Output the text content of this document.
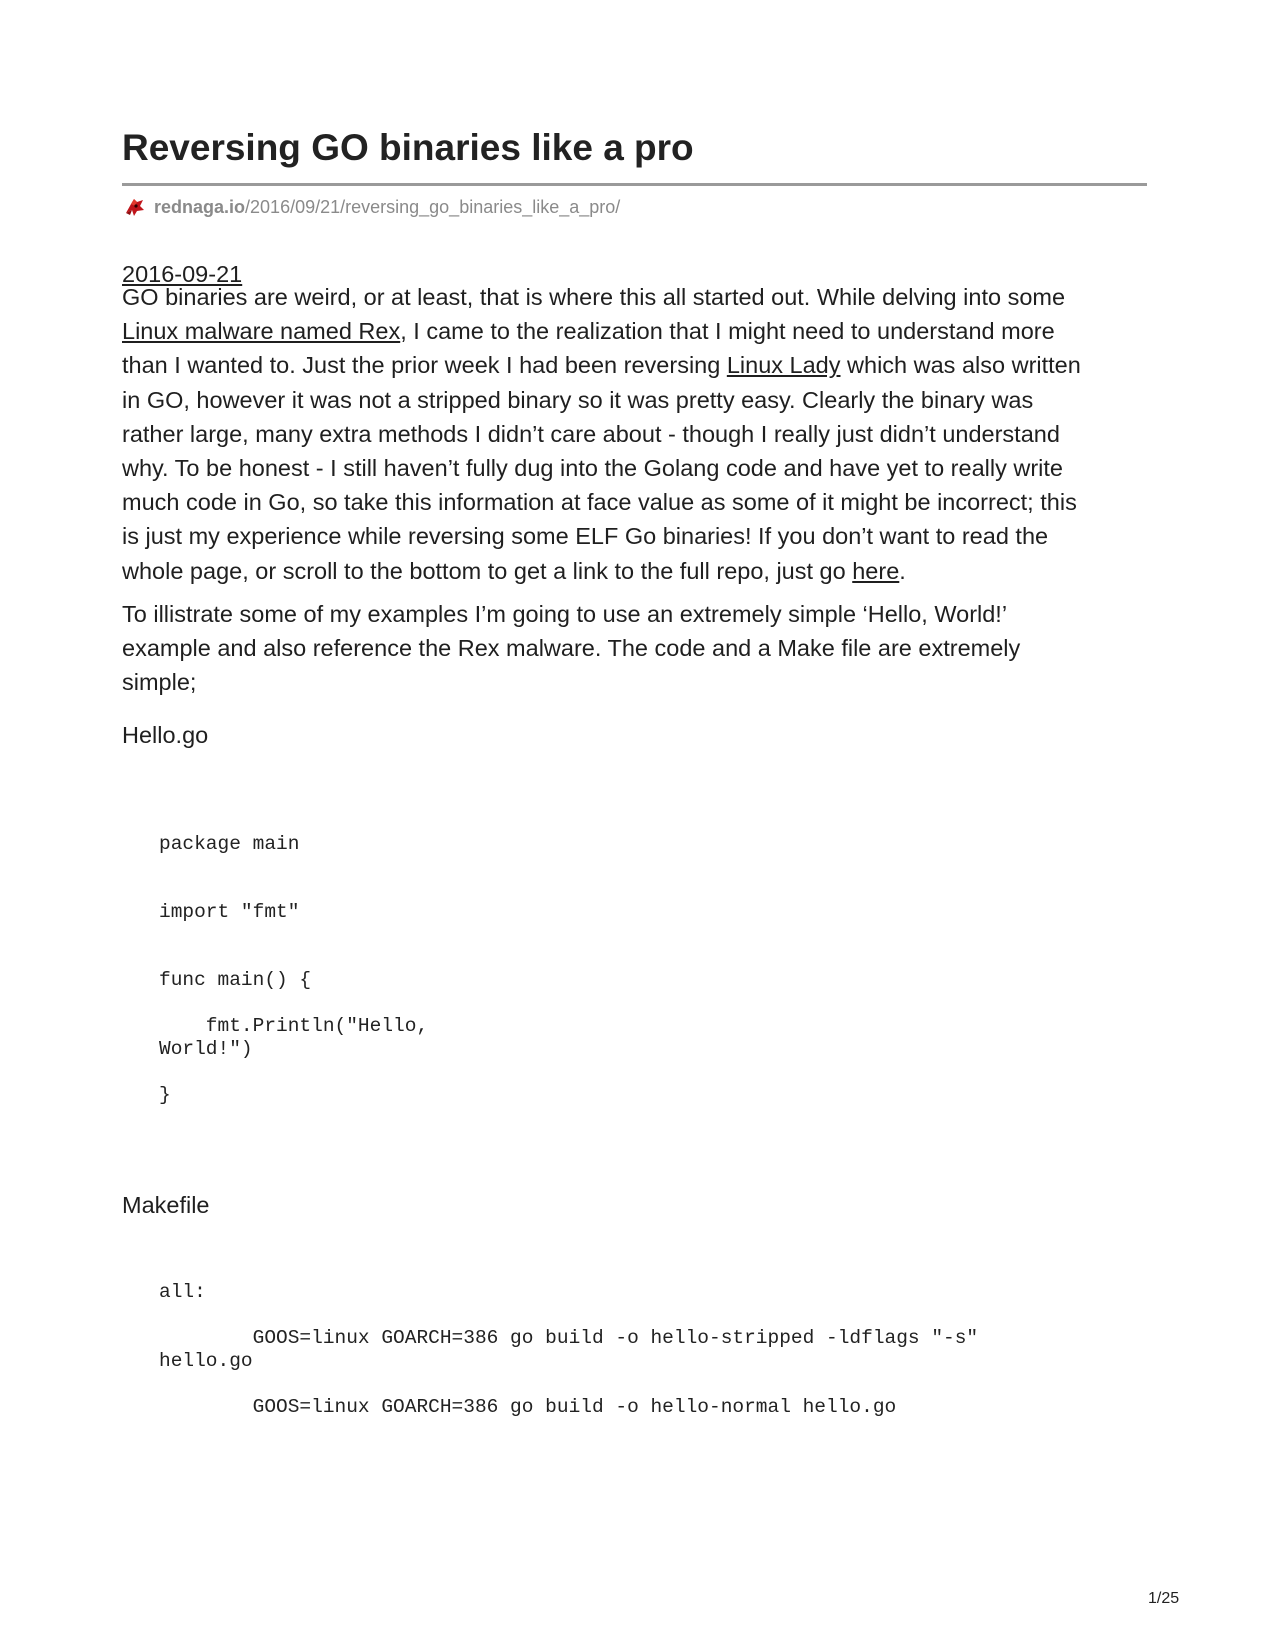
Reversing GO binaries like a pro
rednaga.io /2016/09/21/reversing_go_binaries_like_a_pro/
2016-09-21

GO binaries are weird, or at least, that is where this all started out. While delving into some
Linux malware named Rex, I came to the realization that I might need to understand more
than I wanted to. Just the prior week I had been reversing Linux Lady which was also written
in GO, however it was not a stripped binary so it was pretty easy. Clearly the binary was
rather large, many extra methods I didn’t care about - though I really just didn’t understand
why. To be honest - I still haven’t fully dug into the Golang code and have yet to really write
much code in Go, so take this information at face value as some of it might be incorrect; this
is just my experience while reversing some ELF Go binaries! If you don’t want to read the
whole page, or scroll to the bottom to get a link to the full repo, just go here.

To illistrate some of my examples I’m going to use an extremely simple ‘Hello, World!’
example and also reference the Rex malware. The code and a Make file are extremely
simple;

Hello.go
package main
import "fmt"
func main() {
fmt.Println("Hello,
World!")
}
Makefile
all:
GOOS=linux GOARCH=386 go build -o hello-stripped -ldflags "-s"
hello.go
GOOS=linux GOARCH=386 go build -o hello-normal hello.go
1/25
